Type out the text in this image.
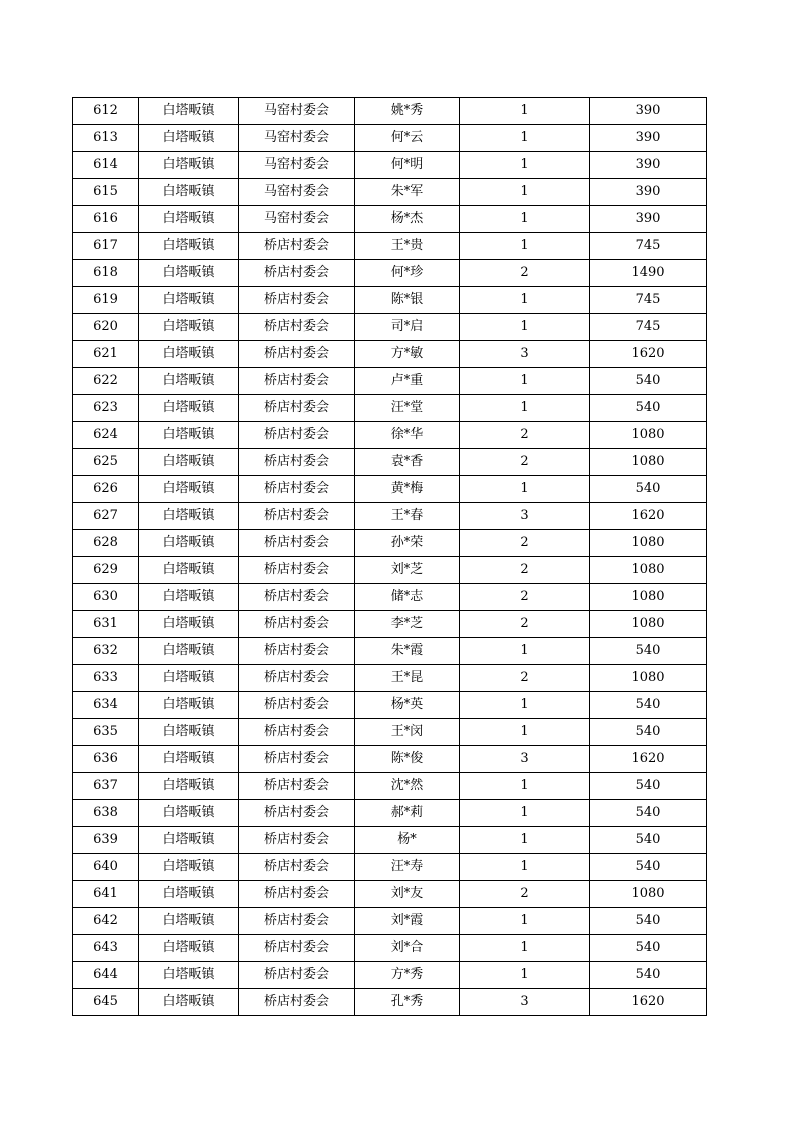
612	白塔畈镇	马窑村委会	姚*秀	1	390
613	白塔畈镇	马窑村委会	何*云	1	390
614	白塔畈镇	马窑村委会	何*明	1	390
615	白塔畈镇	马窑村委会	朱*军	1	390
616	白塔畈镇	马窑村委会	杨*杰	1	390
617	白塔畈镇	桥店村委会	王*贵	1	745
618	白塔畈镇	桥店村委会	何*珍	2	1490
619	白塔畈镇	桥店村委会	陈*银	1	745
620	白塔畈镇	桥店村委会	司*启	1	745
621	白塔畈镇	桥店村委会	方*敏	3	1620
622	白塔畈镇	桥店村委会	卢*重	1	540
623	白塔畈镇	桥店村委会	汪*堂	1	540
624	白塔畈镇	桥店村委会	徐*华	2	1080
625	白塔畈镇	桥店村委会	袁*香	2	1080
626	白塔畈镇	桥店村委会	黄*梅	1	540
627	白塔畈镇	桥店村委会	王*春	3	1620
628	白塔畈镇	桥店村委会	孙*荣	2	1080
629	白塔畈镇	桥店村委会	刘*芝	2	1080
630	白塔畈镇	桥店村委会	储*志	2	1080
631	白塔畈镇	桥店村委会	李*芝	2	1080
632	白塔畈镇	桥店村委会	朱*霞	1	540
633	白塔畈镇	桥店村委会	王*昆	2	1080
634	白塔畈镇	桥店村委会	杨*英	1	540
635	白塔畈镇	桥店村委会	王*闵	1	540
636	白塔畈镇	桥店村委会	陈*俊	3	1620
637	白塔畈镇	桥店村委会	沈*然	1	540
638	白塔畈镇	桥店村委会	郝*莉	1	540
639	白塔畈镇	桥店村委会	杨*	1	540
640	白塔畈镇	桥店村委会	汪*寿	1	540
641	白塔畈镇	桥店村委会	刘*友	2	1080
642	白塔畈镇	桥店村委会	刘*霞	1	540
643	白塔畈镇	桥店村委会	刘*合	1	540
644	白塔畈镇	桥店村委会	方*秀	1	540
645	白塔畈镇	桥店村委会	孔*秀	3	1620
